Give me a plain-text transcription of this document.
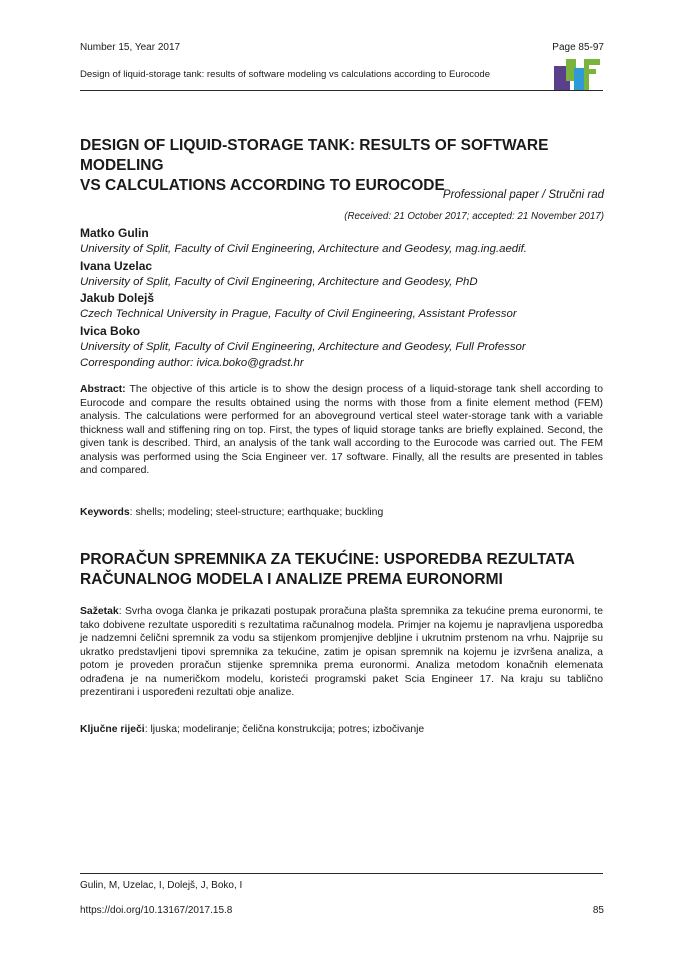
Number 15, Year 2017	Page 85-97
Design of liquid-storage tank: results of software modeling vs calculations according to Eurocode
DESIGN OF LIQUID-STORAGE TANK: RESULTS OF SOFTWARE MODELING
VS CALCULATIONS ACCORDING TO EUROCODE
Professional paper / Stručni rad
(Received: 21 October 2017; accepted: 21 November 2017)
Matko Gulin
University of Split, Faculty of Civil Engineering, Architecture and Geodesy, mag.ing.aedif.
Ivana Uzelac
University of Split, Faculty of Civil Engineering, Architecture and Geodesy, PhD
Jakub Dolejš
Czech Technical University in Prague, Faculty of Civil Engineering, Assistant Professor
Ivica Boko
University of Split, Faculty of Civil Engineering, Architecture and Geodesy, Full Professor
Corresponding author: ivica.boko@gradst.hr
Abstract: The objective of this article is to show the design process of a liquid-storage tank shell according to Eurocode and compare the results obtained using the norms with those from a finite element method (FEM) analysis. The calculations were performed for an aboveground vertical steel water-storage tank with a variable thickness wall and stiffening ring on top. First, the types of liquid storage tanks are briefly explained. Second, the given tank is described. Third, an analysis of the tank wall according to the Eurocode was carried out. The FEM analysis was performed using the Scia Engineer ver. 17 software. Finally, all the results are presented in tables and compared.
Keywords: shells; modeling; steel-structure; earthquake; buckling
PRORAČUN SPREMNIKA ZA TEKUĆINE: USPOREDBA REZULTATA
RAČUNALNOG MODELA I ANALIZE PREMA EURONORMI
Sažetak: Svrha ovoga članka je prikazati postupak proračuna plašta spremnika za tekućine prema euronormi, te tako dobivene rezultate usporediti s rezultatima računalnog modela. Primjer na kojemu je napravljena usporedba je nadzemni čelični spremnik za vodu sa stijenkom promjenjive debljine i ukrutnim prstenom na vrhu. Najprije su ukratko predstavljeni tipovi spremnika za tekućine, zatim je opisan spremnik na kojemu je izvršena analiza, a potom je proveden proračun stijenke spremnika prema euronormi. Analiza metodom konačnih elemenata odrađena je na numeričkom modelu, koristeći programski paket Scia Engineer 17. Na kraju su tablično prezentirani i uspoređeni rezultati obje analize.
Ključne riječi: ljuska; modeliranje; čelična konstrukcija; potres; izbočivanje
Gulin, M, Uzelac, I, Dolejš, J, Boko, I
https://doi.org/10.13167/2017.15.8	85
